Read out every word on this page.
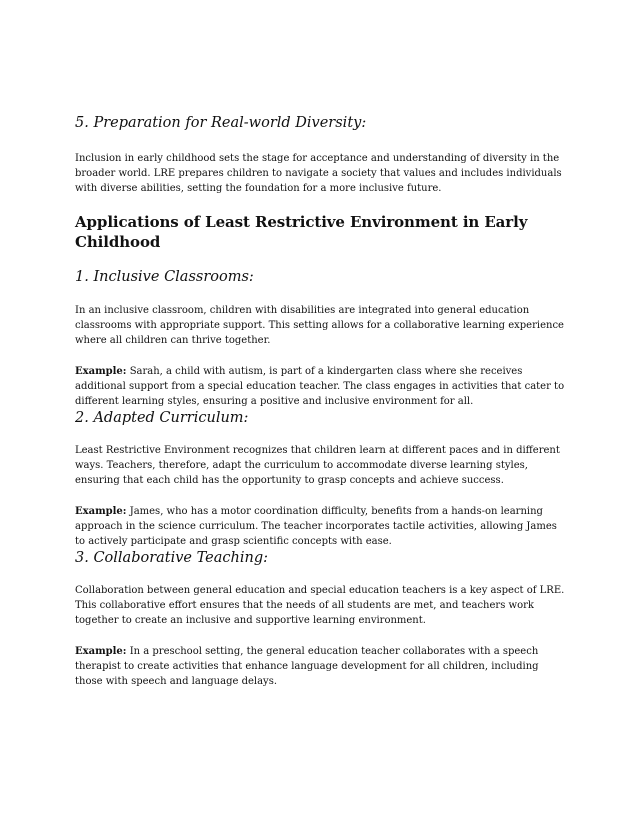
5. Preparation for Real-world Diversity:

Inclusion in early childhood sets the stage for acceptance and understanding of diversity in the broader world. LRE prepares children to navigate a society that values and includes individuals with diverse abilities, setting the foundation for a more inclusive future.

Applications of Least Restrictive Environment in Early Childhood
1. Inclusive Classrooms:

In an inclusive classroom, children with disabilities are integrated into general education classrooms with appropriate support. This setting allows for a collaborative learning experience where all children can thrive together.

Example: Sarah, a child with autism, is part of a kindergarten class where she receives additional support from a special education teacher. The class engages in activities that cater to different learning styles, ensuring a positive and inclusive environment for all.

2. Adapted Curriculum:

Least Restrictive Environment recognizes that children learn at different paces and in different ways. Teachers, therefore, adapt the curriculum to accommodate diverse learning styles, ensuring that each child has the opportunity to grasp concepts and achieve success.

Example: James, who has a motor coordination difficulty, benefits from a hands-on learning approach in the science curriculum. The teacher incorporates tactile activities, allowing James to actively participate and grasp scientific concepts with ease.

3. Collaborative Teaching:

Collaboration between general education and special education teachers is a key aspect of LRE. This collaborative effort ensures that the needs of all students are met, and teachers work together to create an inclusive and supportive learning environment.

Example: In a preschool setting, the general education teacher collaborates with a speech therapist to create activities that enhance language development for all children, including those with speech and language delays.
